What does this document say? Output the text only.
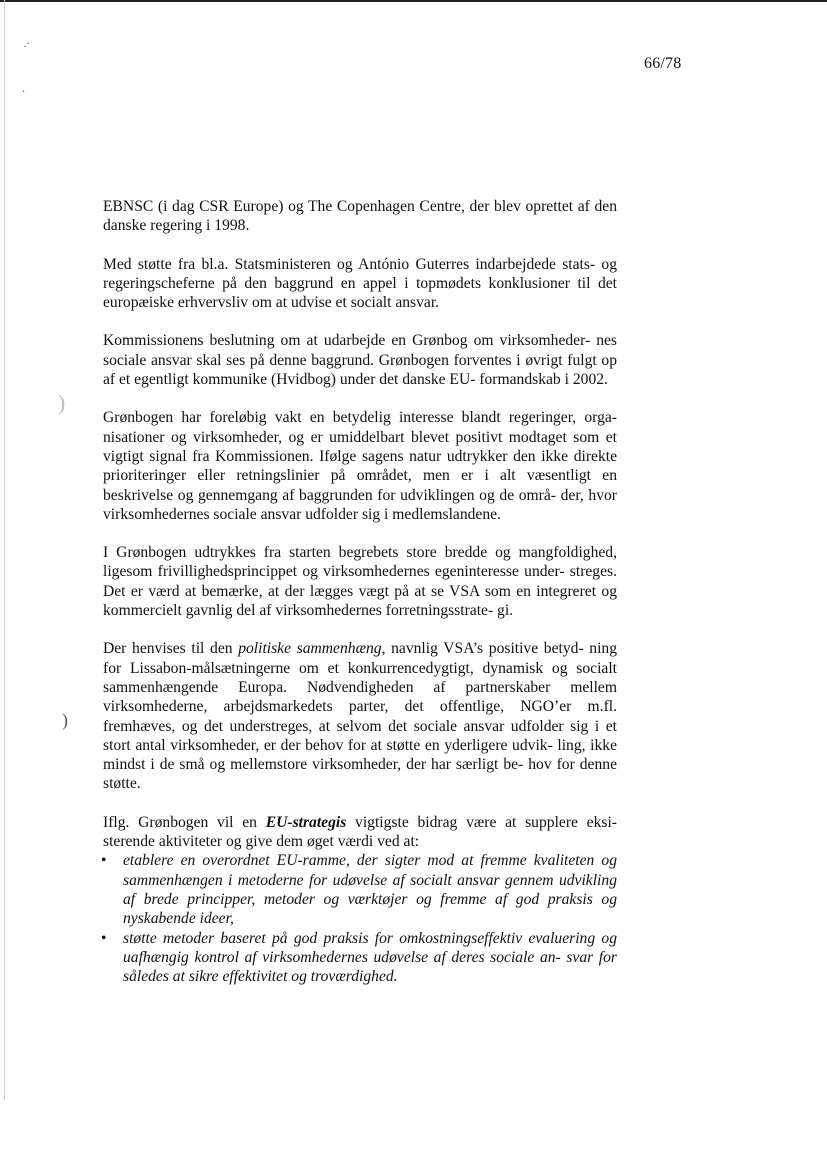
.·
·
)
)
66/78

EBNSC (i dag CSR Europe) og The Copenhagen Centre, der blev oprettet af den danske regering i 1998.

Med støtte fra bl.a. Statsministeren og António Guterres indarbejdede stats- og regeringscheferne på den baggrund en appel i topmødets konklusioner til det europæiske erhvervsliv om at udvise et socialt ansvar.

Kommissionens beslutning om at udarbejde en Grønbog om virksomheder- nes sociale ansvar skal ses på denne baggrund. Grønbogen forventes i øvrigt fulgt op af et egentligt kommunike (Hvidbog) under det danske EU- formandskab i 2002.

Grønbogen har foreløbig vakt en betydelig interesse blandt regeringer, orga- nisationer og virksomheder, og er umiddelbart blevet positivt modtaget som et vigtigt signal fra Kommissionen. Ifølge sagens natur udtrykker den ikke direkte prioriteringer eller retningslinier på området, men er i alt væsentligt en beskrivelse og gennemgang af baggrunden for udviklingen og de områ- der, hvor virksomhedernes sociale ansvar udfolder sig i medlemslandene.

I Grønbogen udtrykkes fra starten begrebets store bredde og mangfoldighed, ligesom frivillighedsprincippet og virksomhedernes egeninteresse under- streges. Det er værd at bemærke, at der lægges vægt på at se VSA som en integreret og kommercielt gavnlig del af virksomhedernes forretningsstrate- gi.

Der henvises til den politiske sammenhæng, navnlig VSA’s positive betyd- ning for Lissabon-målsætningerne om et konkurrencedygtigt, dynamisk og socialt sammenhængende Europa. Nødvendigheden af partnerskaber mellem virksomhederne, arbejdsmarkedets parter, det offentlige, NGO’er m.fl. fremhæves, og det understreges, at selvom det sociale ansvar udfolder sig i et stort antal virksomheder, er der behov for at støtte en yderligere udvik- ling, ikke mindst i de små og mellemstore virksomheder, der har særligt be- hov for denne støtte.

Iflg. Grønbogen vil en EU-strategis vigtigste bidrag være at supplere eksi- sterende aktiviteter og give dem øget værdi ved at:

• etablere en overordnet EU-ramme, der sigter mod at fremme kvaliteten og sammenhængen i metoderne for udøvelse af socialt ansvar gennem udvikling af brede principper, metoder og værktøjer og fremme af god praksis og nyskabende ideer,
• støtte metoder baseret på god praksis for omkostningseffektiv evaluering og uafhængig kontrol af virksomhedernes udøvelse af deres sociale an- svar for således at sikre effektivitet og troværdighed.
